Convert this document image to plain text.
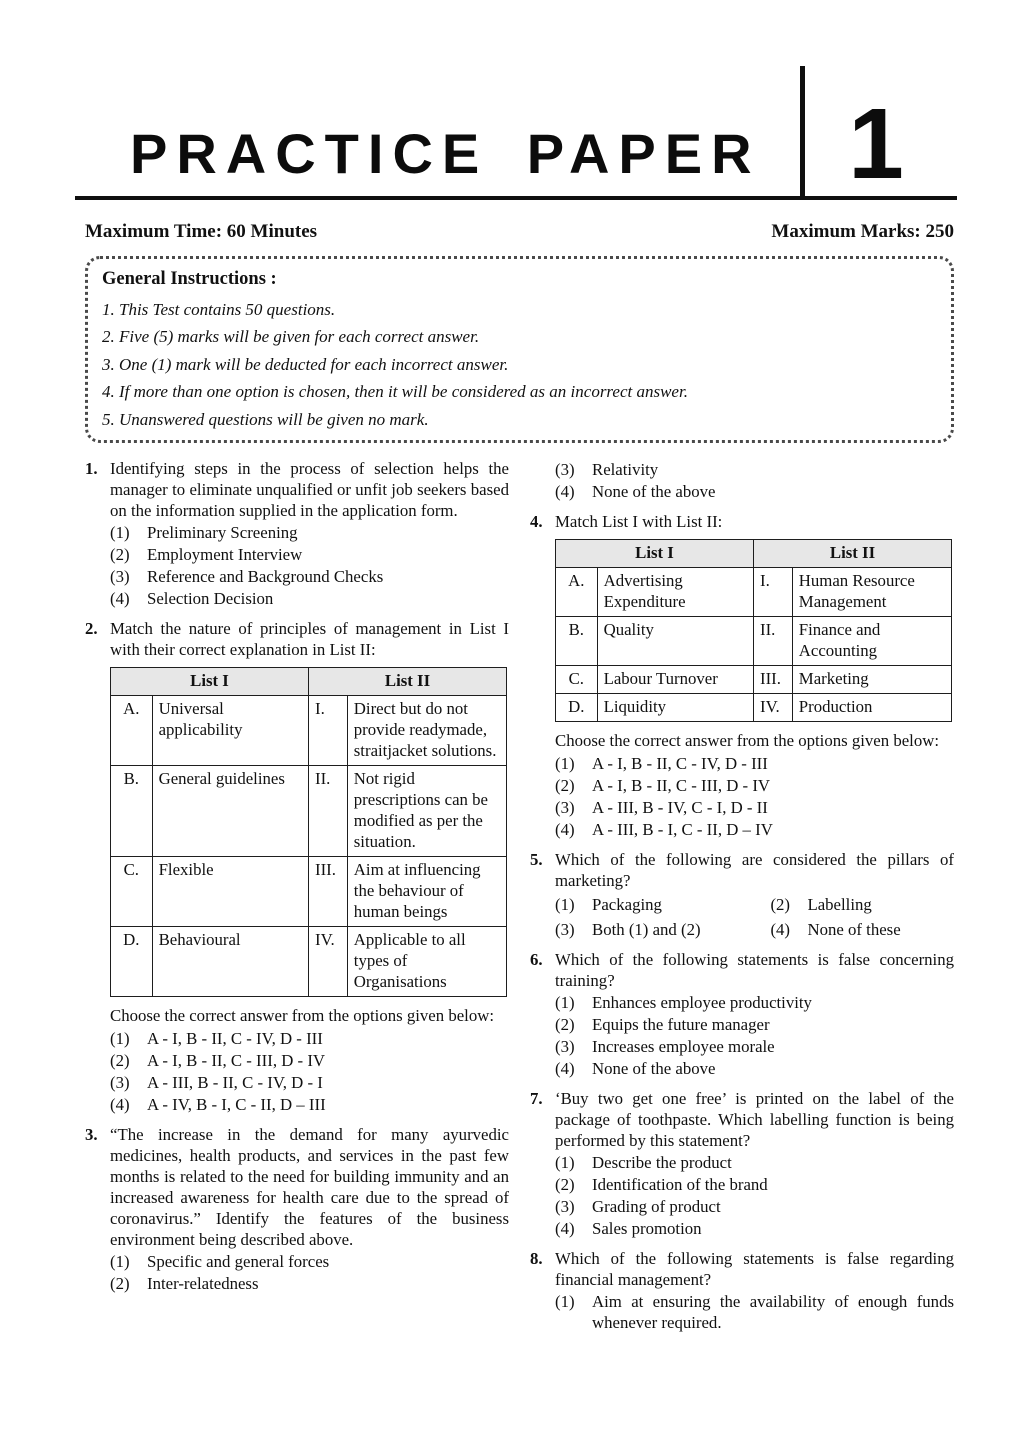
PRACTICE PAPER 1
Maximum Time: 60 Minutes	Maximum Marks: 250
General Instructions :
1. This Test contains 50 questions.
2. Five (5) marks will be given for each correct answer.
3. One (1) mark will be deducted for each incorrect answer.
4. If more than one option is chosen, then it will be considered as an incorrect answer.
5. Unanswered questions will be given no mark.
1. Identifying steps in the process of selection helps the manager to eliminate unqualified or unfit job seekers based on the information supplied in the application form.
(1)	Preliminary Screening
(2)	Employment Interview
(3)	Reference and Background Checks
(4)	Selection Decision
2. Match the nature of principles of management in List I with their correct explanation in List II:
List I		List II	
A.	Universal applicability	I.	Direct but do not provide readymade, straitjacket solutions.
B.	General guidelines	II.	Not rigid prescriptions can be modified as per the situation.
C.	Flexible	III.	Aim at influencing the behaviour of human beings
D.	Behavioural	IV.	Applicable to all types of Organisations
Choose the correct answer from the options given below:
(1)	A - I, B - II, C - IV, D - III
(2)	A - I, B - II, C - III, D - IV
(3)	A - III, B - II, C - IV, D - I
(4)	A - IV, B - I, C - II, D – III
3. “The increase in the demand for many ayurvedic medicines, health products, and services in the past few months is related to the need for building immunity and an increased awareness for health care due to the spread of coronavirus.” Identify the features of the business environment being described above.
(1)	Specific and general forces
(2)	Inter-relatedness
(3)	Relativity
(4)	None of the above
4. Match List I with List II:
List I		List II	
A.	Advertising Expenditure	I.	Human Resource Management
B.	Quality	II.	Finance and Accounting
C.	Labour Turnover	III.	Marketing
D.	Liquidity	IV.	Production
Choose the correct answer from the options given below:
(1)	A - I, B - II, C - IV, D - III
(2)	A - I, B - II, C - III, D - IV
(3)	A - III, B - IV, C - I, D - II
(4)	A - III, B - I, C - II, D – IV
5. Which of the following are considered the pillars of marketing?
(1)	Packaging	(2)	Labelling
(3)	Both (1) and (2)	(4)	None of these
6. Which of the following statements is false concerning training?
(1)	Enhances employee productivity
(2)	Equips the future manager
(3)	Increases employee morale
(4)	None of the above
7. ‘Buy two get one free’ is printed on the label of the package of toothpaste. Which labelling function is being performed by this statement?
(1)	Describe the product
(2)	Identification of the brand
(3)	Grading of product
(4)	Sales promotion
8. Which of the following statements is false regarding financial management?
(1)	Aim at ensuring the availability of enough funds whenever required.
